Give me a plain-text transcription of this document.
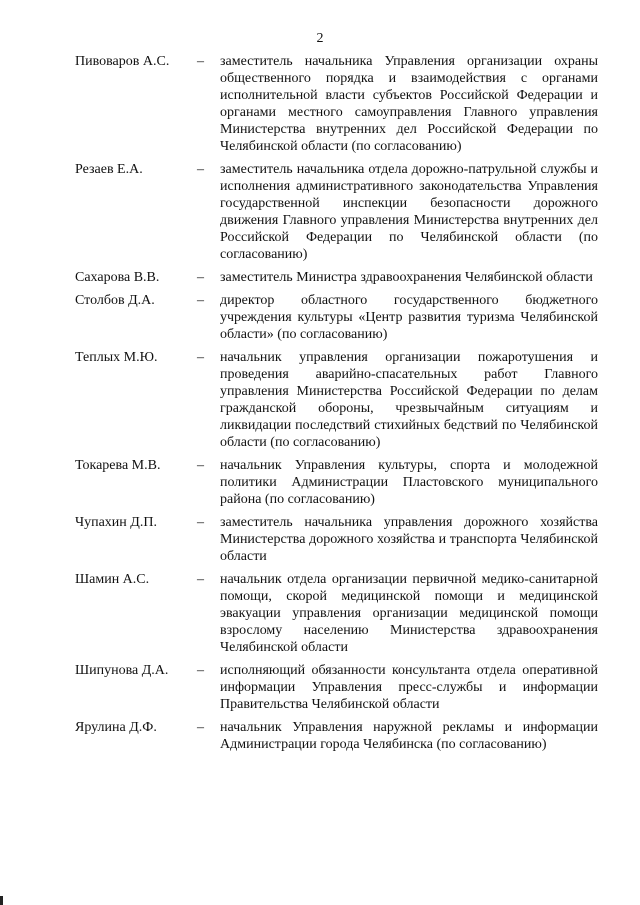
2
Пивоваров А.С. – заместитель начальника Управления организации охраны общественного порядка и взаимодействия с органами исполнительной власти субъектов Российской Федерации и органами местного самоуправления Главного управления Министерства внутренних дел Российской Федерации по Челябинской области (по согласованию)
Резаев Е.А.	– заместитель начальника отдела дорожно-патрульной службы и исполнения административного законодательства Управления государственной инспекции безопасности дорожного движения Главного управления Министерства внутренних дел Российской Федерации по Челябинской области (по согласованию)
Сахарова В.В.	– заместитель Министра здравоохранения Челябинской области
Столбов Д.А.	– директор областного государственного бюджетного учреждения культуры «Центр развития туризма Челябинской области» (по согласованию)
Теплых М.Ю.	– начальник управления организации пожаротушения и проведения аварийно-спасательных работ Главного управления Министерства Российской Федерации по делам гражданской обороны, чрезвычайным ситуациям и ликвидации последствий стихийных бедствий по Челябинской области (по согласованию)
Токарева М.В.	– начальник Управления культуры, спорта и молодежной политики Администрации Пластовского муниципального района (по согласованию)
Чупахин Д.П.	– заместитель начальника управления дорожного хозяйства Министерства дорожного хозяйства и транспорта Челябинской области
Шамин А.С.	– начальник отдела организации первичной медико-санитарной помощи, скорой медицинской помощи и медицинской эвакуации управления организации медицинской помощи взрослому населению Министерства здравоохранения Челябинской области
Шипунова Д.А. – исполняющий обязанности консультанта отдела оперативной информации Управления пресс-службы и информации Правительства Челябинской области
Ярулина Д.Ф.	– начальник Управления наружной рекламы и информации Администрации города Челябинска (по согласованию)
